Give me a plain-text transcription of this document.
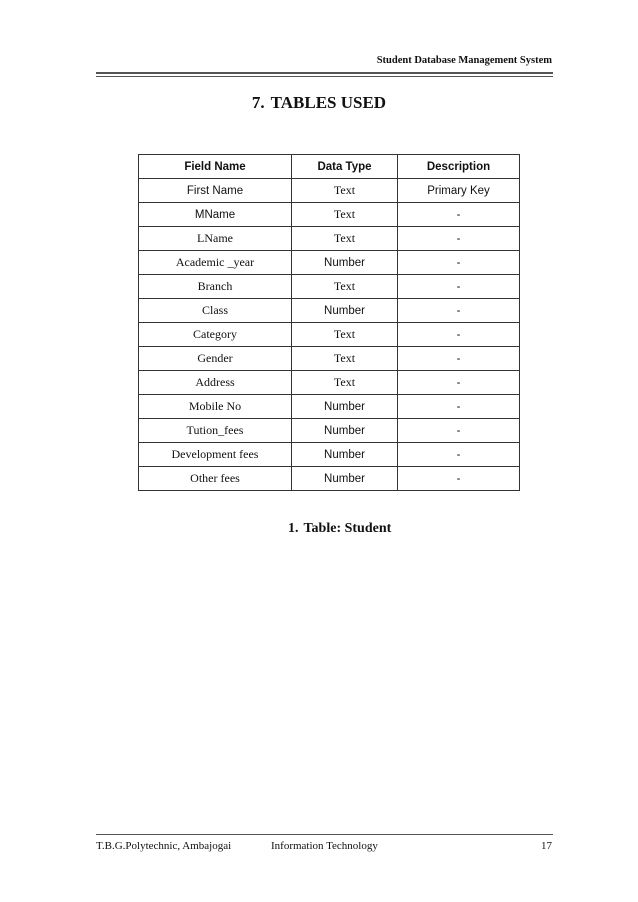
Student Database Management System
7. TABLES USED
Field Name	Data Type	Description
First Name	Text	Primary Key
MName	Text	-
LName	Text	-
Academic _year	Number	-
Branch	Text	-
Class	Number	-
Category	Text	-
Gender	Text	-
Address	Text	-
Mobile No	Number	-
Tution_fees	Number	-
Development fees	Number	-
Other fees	Number	-
1. Table: Student
T.B.G.Polytechnic, Ambajogai	Information Technology	17
